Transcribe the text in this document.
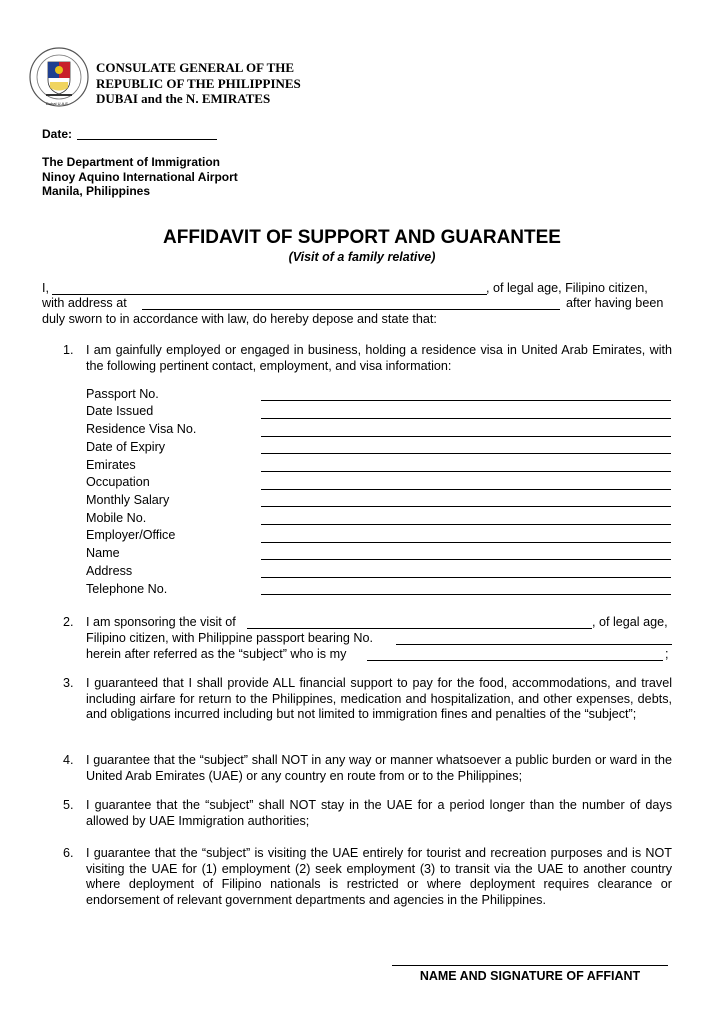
Dubai U.A.E
CONSULATE GENERAL OF THE
REPUBLIC OF THE PHILIPPINES
DUBAI and the N. EMIRATES
Date:
The Department of Immigration
Ninoy Aquino International Airport
Manila, Philippines
AFFIDAVIT OF SUPPORT AND GUARANTEE
(Visit of a family relative)
I,	, of legal age, Filipino citizen,
with address at	after having been
duly sworn to in accordance with law, do hereby depose and state that:
1. I am gainfully employed or engaged in business, holding a residence visa in United Arab Emirates, with the following pertinent contact, employment, and visa information:
Passport No.
Date Issued
Residence Visa No.
Date of Expiry
Emirates
Occupation
Monthly Salary
Mobile No.
Employer/Office
Name
Address
Telephone No.
2. I am sponsoring the visit of	, of legal age,
Filipino citizen, with Philippine passport bearing No.
herein after referred as the “subject” who is my	;
3. I guaranteed that I shall provide ALL financial support to pay for the food, accommodations, and travel including airfare for return to the Philippines, medication and hospitalization, and other expenses, debts, and obligations incurred including but not limited to immigration fines and penalties of the “subject”;
4. I guarantee that the “subject” shall NOT in any way or manner whatsoever a public burden or ward in the United Arab Emirates (UAE) or any country en route from or to the Philippines;
5. I guarantee that the “subject” shall NOT stay in the UAE for a period longer than the number of days allowed by UAE Immigration authorities;
6. I guarantee that the “subject” is visiting the UAE entirely for tourist and recreation purposes and is NOT visiting the UAE for (1) employment (2) seek employment (3) to transit via the UAE to another country where deployment of Filipino nationals is restricted or where deployment requires clearance or endorsement of relevant government departments and agencies in the Philippines.
NAME AND SIGNATURE OF AFFIANT
